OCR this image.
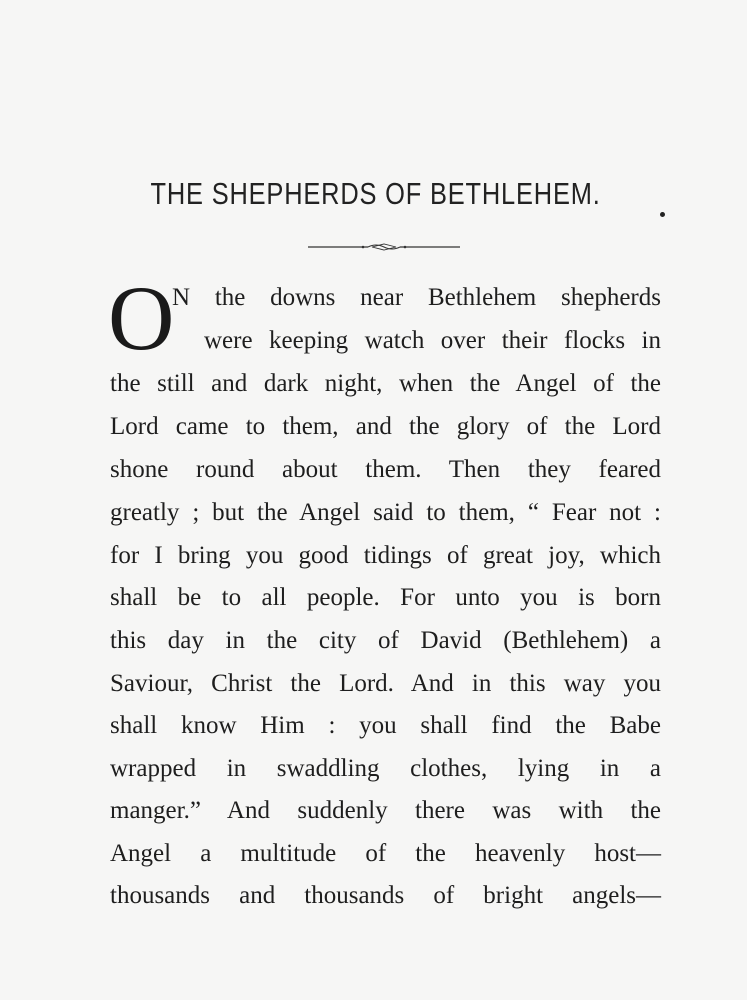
THE SHEPHERDS OF BETHLEHEM.
O
N the downs near Bethlehem shepherds
were keeping watch over their flocks in
the still and dark night, when the Angel of the
Lord came to them, and the glory of the Lord
shone round about them. Then they feared
greatly ; but the Angel said to them, “ Fear not :
for I bring you good tidings of great joy, which
shall be to all people. For unto you is born
this day in the city of David (Bethlehem) a
Saviour, Christ the Lord. And in this way you
shall know Him : you shall find the Babe
wrapped in swaddling clothes, lying in a
manger.” And suddenly there was with the
Angel a multitude of the heavenly host—
thousands and thousands of bright angels—
